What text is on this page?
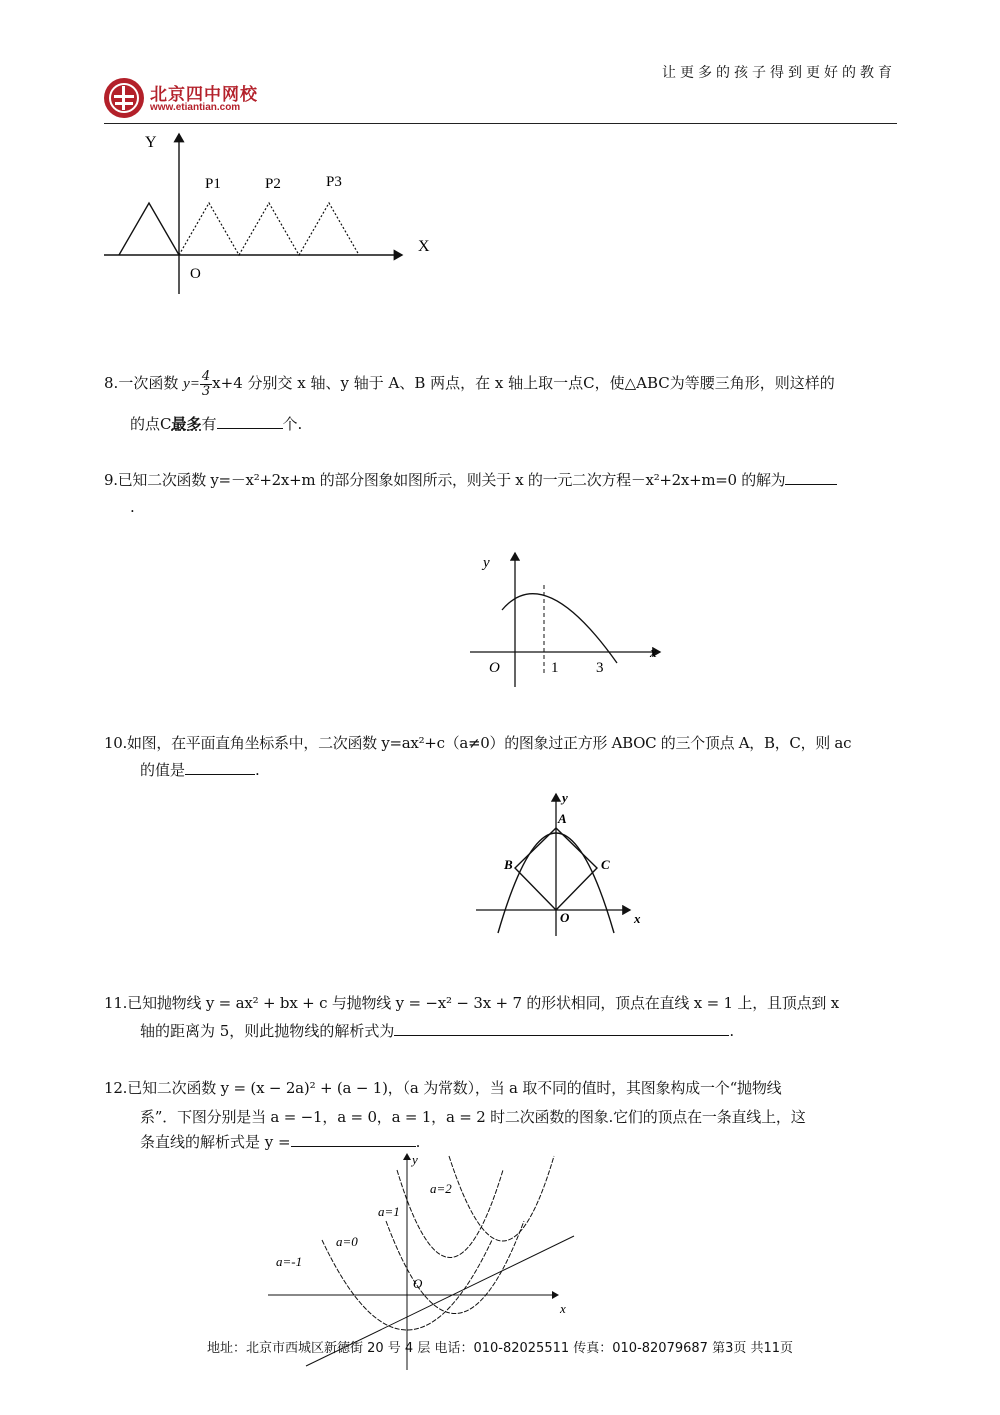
让更多的孩子得到更好的教育
北京四中网校
www.etiantian.com
Y
X
O
P1	P2	P3
8.一次函数 $y= \frac{4}{3} x+4$ 分别交 x 轴、y 轴于 A、B 两点，在 x 轴上取一点C，使△ABC为等腰三角形，则这样的
的点C最多有	个.
9.已知二次函数 y=－x²+2x+m 的部分图象如图所示，则关于 x 的一元二次方程－x²+2x+m=0 的解为
.
y
x
O	1	3
10.如图，在平面直角坐标系中，二次函数 y=ax²+c（a≠0）的图象过正方形 ABOC 的三个顶点 A，B，C，则 ac
的值是	.
y
x
O
A
B	C
11.已知抛物线 y = ax² + bx + c 与抛物线 y = −x² − 3x + 7 的形状相同，顶点在直线 x = 1 上，且顶点到 x
轴的距离为 5，则此抛物线的解析式为	.
12.已知二次函数 y = (x − 2a)² + (a − 1)，（a 为常数），当 a 取不同的值时，其图象构成一个“抛物线
系”．下图分别是当 a = −1，a = 0，a = 1，a = 2 时二次函数的图象.它们的顶点在一条直线上，这
条直线的解析式是 y =	.
y
x
O
a=-1
a=0
a=1
a=2
地址：北京市西城区新德街 20 号 4 层 电话：010-82025511 传真：010-82079687 第3页 共11页
